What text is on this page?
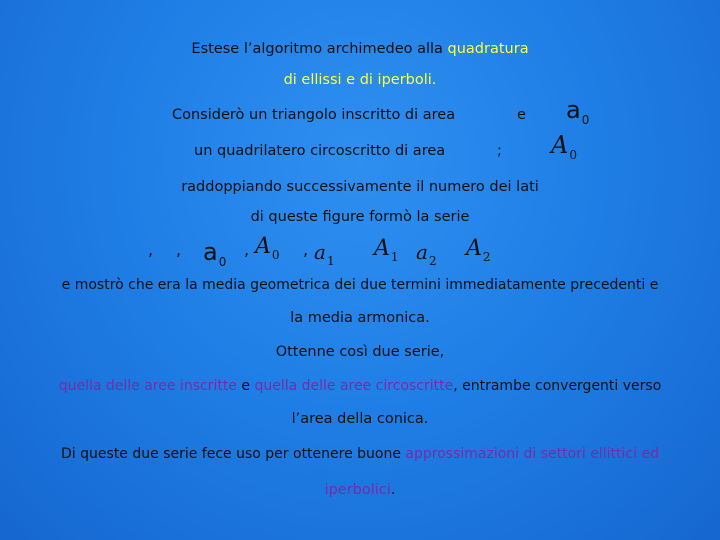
Estese l’algoritmo archimedeo alla quadratura
di ellissi e di iperboli.
Considerò un triangolo inscritto di area	e $a_0$
un quadrilatero circoscritto di area	; $A_0$
raddoppiando successivamente il numero dei lati
di queste figure formò la serie
, , $a_0$
, $A_0$ , $a_1$ $A_1$ $a_2$ $A_2$
e mostrò che era la media geometrica dei due termini immediatamente precedenti e
la media armonica.
Ottenne così due serie,
quella delle aree inscritte e quella delle aree circoscritte, entrambe convergenti verso
l’area della conica.
Di queste due serie fece uso per ottenere buone approssimazioni di settori ellittici ed
iperbolici.
